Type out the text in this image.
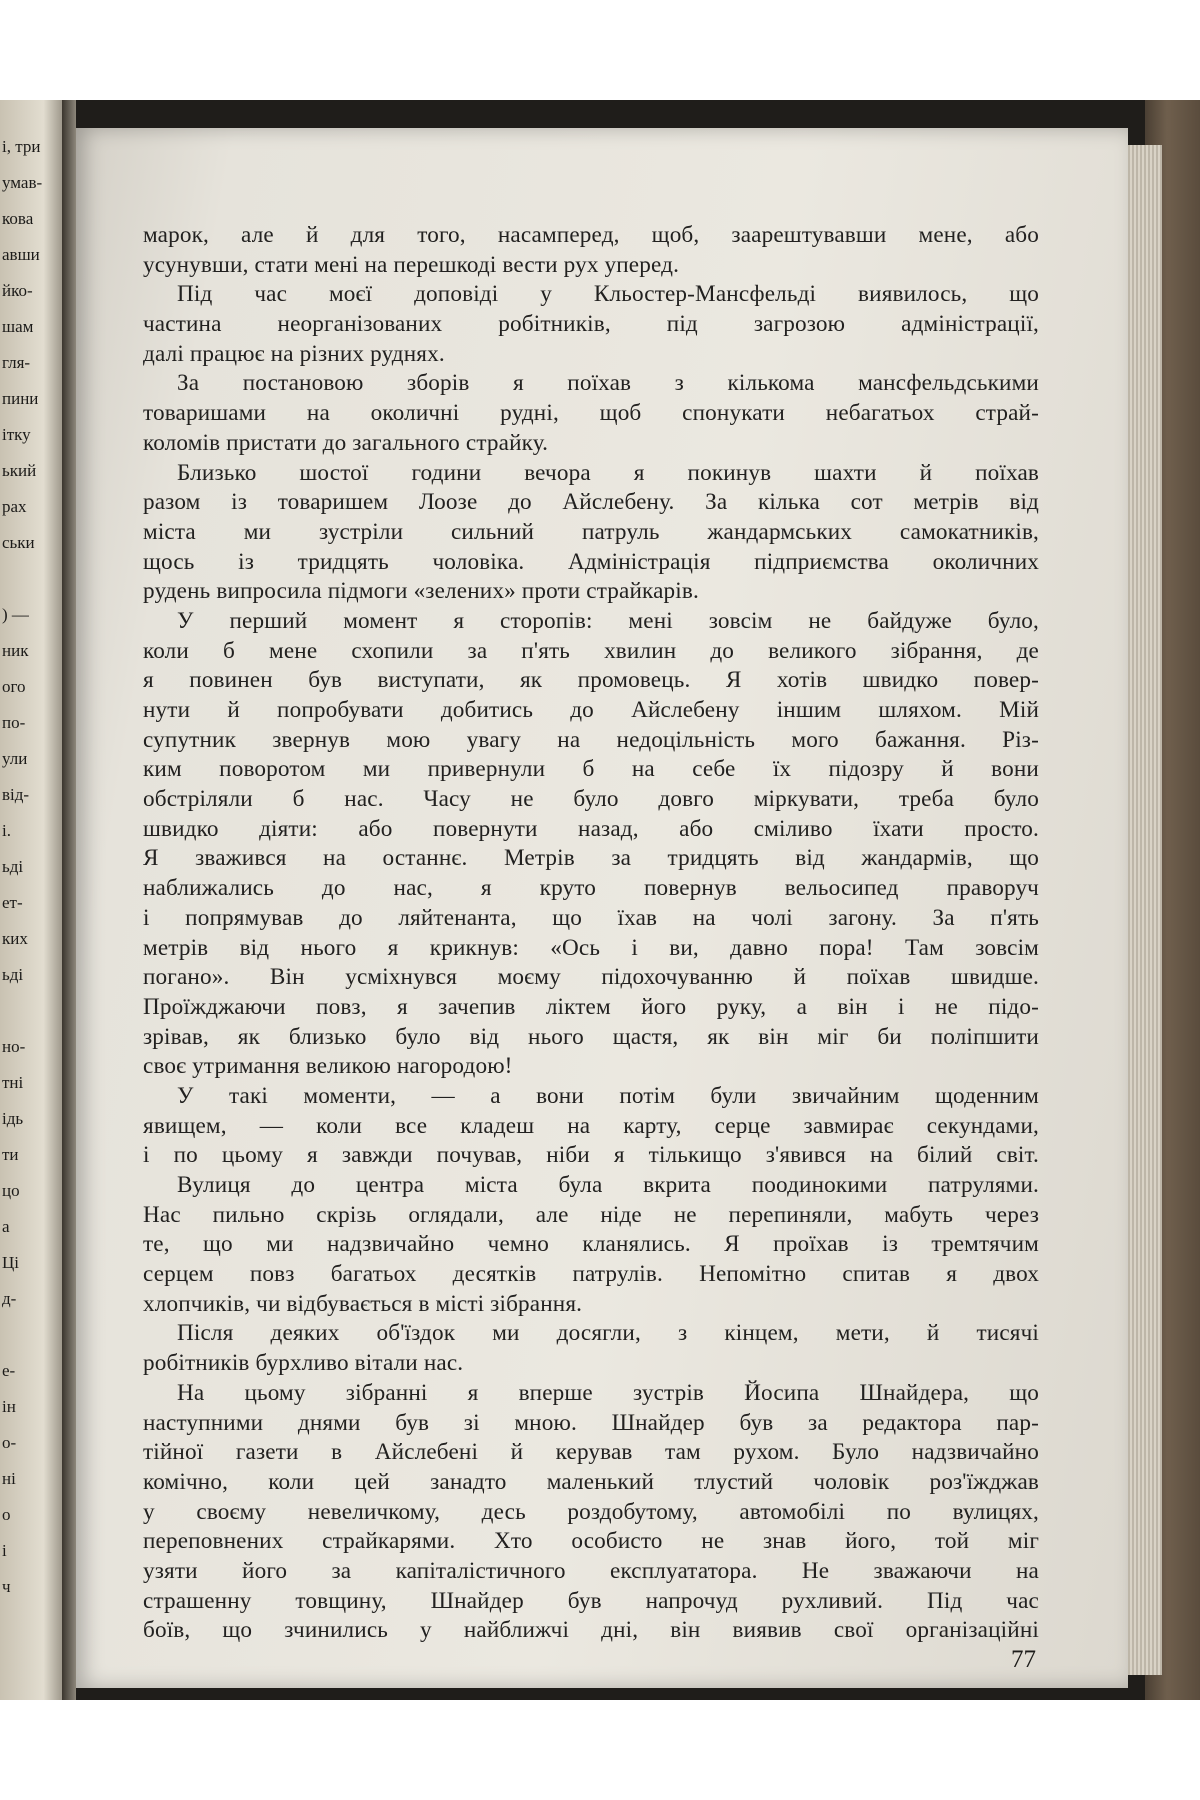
і, три
умав-
кова
авши
йко-
шам
гля-
пини
ітку
ький
рах
ськи
) —
ник
ого
по-
ули
від-
і.
ьді
ет-
ких
ьді
но-
тні
ідь
ти
цо
а
Ці
д-
е-
ін
о-
ні
о
і
ч
марок, але й для того, насамперед, щоб, заарештувавши мене, або
усунувши, стати мені на перешкоді вести рух уперед.
Під час моєї доповіді у Кльостер-Мансфельді виявилось, що
частина неорганізованих робітників, під загрозою адміністрації,
далі працює на різних руднях.
За постановою зборів я поїхав з кількома мансфельдськими
товаришами на околичні рудні, щоб спонукати небагатьох страй-
коломів пристати до загального страйку.
Близько шостої години вечора я покинув шахти й поїхав
разом із товаришем Лоозе до Айслебену. За кілька сот метрів від
міста ми зустріли сильний патруль жандармських самокатників,
щось із тридцять чоловіка. Адміністрація підприємства околичних
рудень випросила підмоги «зелених» проти страйкарів.
У перший момент я сторопів: мені зовсім не байдуже було,
коли б мене схопили за п'ять хвилин до великого зібрання, де
я повинен був виступати, як промовець. Я хотів швидко повер-
нути й попробувати добитись до Айслебену іншим шляхом. Мій
супутник звернув мою увагу на недоцільність мого бажання. Різ-
ким поворотом ми привернули б на себе їх підозру й вони
обстріляли б нас. Часу не було довго міркувати, треба було
швидко діяти: або повернути назад, або сміливо їхати просто.
Я зважився на останнє. Метрів за тридцять від жандармів, що
наближались до нас, я круто повернув вельосипед праворуч
і попрямував до ляйтенанта, що їхав на чолі загону. За п'ять
метрів від нього я крикнув: «Ось і ви, давно пора! Там зовсім
погано». Він усміхнувся моєму підохочуванню й поїхав швидше.
Проїжджаючи повз, я зачепив ліктем його руку, а він і не підо-
зрівав, як близько було від нього щастя, як він міг би поліпшити
своє утримання великою нагородою!
У такі моменти, — а вони потім були звичайним щоденним
явищем, — коли все кладеш на карту, серце завмирає секундами,
і по цьому я завжди почував, ніби я тількищо з'явився на білий світ.
Вулиця до центра міста була вкрита поодинокими патрулями.
Нас пильно скрізь оглядали, але ніде не перепиняли, мабуть через
те, що ми надзвичайно чемно кланялись. Я проїхав із тремтячим
серцем повз багатьох десятків патрулів. Непомітно спитав я двох
хлопчиків, чи відбувається в місті зібрання.
Після деяких об'їздок ми досягли, з кінцем, мети, й тисячі
робітників бурхливо вітали нас.
На цьому зібранні я вперше зустрів Йосипа Шнайдера, що
наступними днями був зі мною. Шнайдер був за редактора пар-
тійної газети в Айслебені й керував там рухом. Було надзвичайно
комічно, коли цей занадто маленький тлустий чоловік роз'їжджав
у своєму невеличкому, десь роздобутому, автомобілі по вулицях,
переповнених страйкарями. Хто особисто не знав його, той міг
узяти його за капіталістичного експлуататора. Не зважаючи на
страшенну товщину, Шнайдер був напрочуд рухливий. Під час
боїв, що зчинились у найближчі дні, він виявив свої організаційні
77
